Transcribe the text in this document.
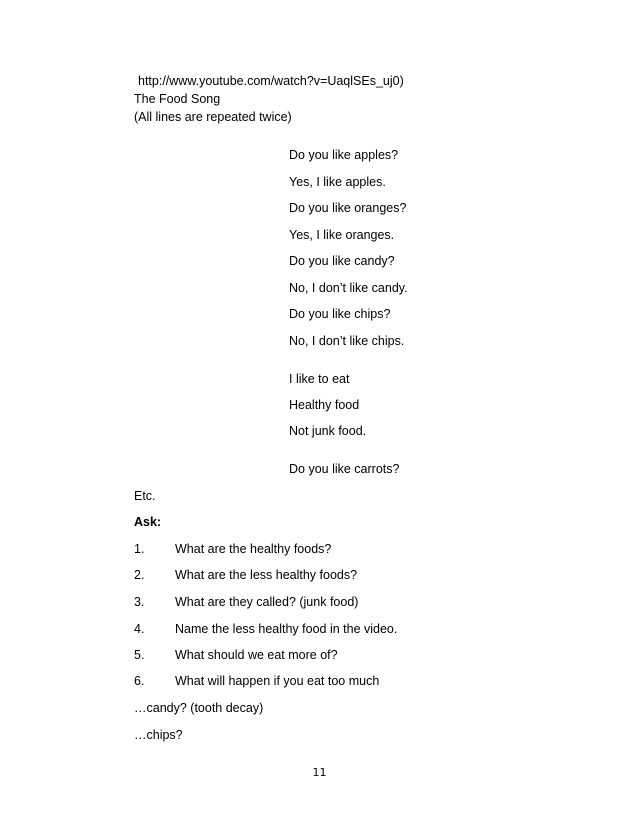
http://www.youtube.com/watch?v=UaqlSEs_uj0)
The Food Song
(All lines are repeated twice)
Do you like apples?
Yes, I like apples.
Do you like oranges?
Yes, I like oranges.
Do you like candy?
No, I don’t like candy.
Do you like chips?
No, I don’t like chips.
I like to eat
Healthy food
Not junk food.
Do you like carrots?
Etc.
Ask:
1. What are the healthy foods?
2. What are the less healthy foods?
3. What are they called? (junk food)
4. Name the less healthy food in the video.
5. What should we eat more of?
6. What will happen if you eat too much
…candy? (tooth decay)
…chips?
11
